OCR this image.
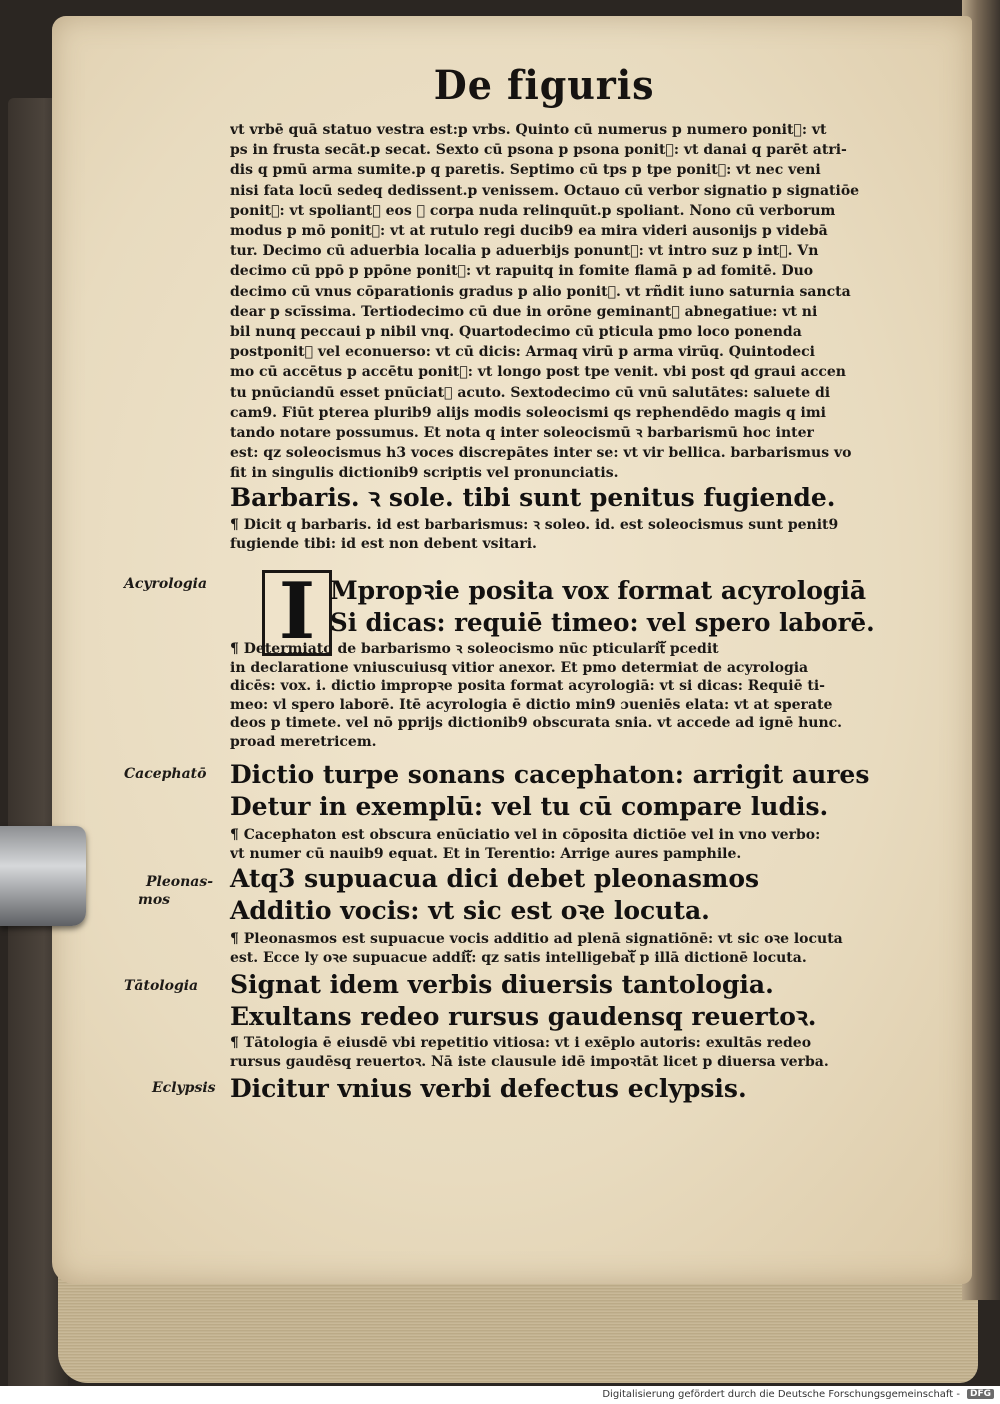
De figuris
vt vrbē quā statuo vestra est:p vrbs. Quinto cū numerus p numero ponitᷓ: vt
ps in frusta secāt.p secat. Sexto cū psona p psona ponitᷓ: vt danai q parēt atri-
dis q pmū arma sumite.p q paretis. Septimo cū tps p tpe ponitᷓ: vt nec veni
nisi fata locū sedeq dedissent.p venissem. Octauo cū verbor signatio p signatiōe
ponitᷓ: vt spoliantᷓ eos ꝛ corpa nuda relinquūt.p spoliant. Nono cū verborum
modus p mō ponitᷓ: vt at rutulo regi ducib9 ea mira videri ausonijs p videbā
tur. Decimo cū aduerbia localia p aduerbijs ponuntᷓ: vt intro suz p intᷓ. Vn
decimo cū ppō p ppōne ponitᷓ: vt rapuitq in fomite flamā p ad fomitē. Duo
decimo cū vnus cōparationis gradus p alio ponitᷓ. vt rñdit iuno saturnia sancta
dear p scīssima. Tertiodecimo cū due in orōne geminantᷓ abnegatiue: vt ni
bil nunq peccaui p nibil vnq. Quartodecimo cū pticula pmo loco ponenda
postponitᷓ vel econuerso: vt cū dicis: Armaq virū p arma virūq. Quintodeci
mo cū accētus p accētu ponitᷓ: vt longo post tpe venit. vbi post qd graui accen
tu pnūciandū esset pnūciatᷓ acuto. Sextodecimo cū vnū salutātes: saluete di
cam9. Fiūt pterea plurib9 alijs modis soleocismi qs rephendēdo magis q imi
tando notare possumus. Et nota q inter soleocismū ꝛ barbarismū hoc inter
est: qz soleocismus h3 voces discrepātes inter se: vt vir bellica. barbarismus vo
fit in singulis dictionib9 scriptis vel pronunciatis.
Barbaris. ꝛ sole. tibi sunt penitus fugiende.
¶ Dicit q barbaris. id est barbarismus: ꝛ soleo. id. est soleocismus sunt penit9
fugiende tibi: id est non debent vsitari.
Acyrologia I Mpropꝛie posita vox format acyrologiā
Si dicas: requiē timeo: vel spero laborē.
¶ Determiato de barbarismo ꝛ soleocismo nūc pticularitᷓ pcedit
in declaratione vniuscuiusq vitior anexor. Et pmo determiat de acyrologia
dicēs: vox. i. dictio impropꝛe posita format acyrologiā: vt si dicas: Requiē ti-
meo: vl spero laborē. Itē acyrologia ē dictio min9 ɔueniēs elata: vt at sperate
deos p timete. vel nō pprijs dictionib9 obscurata snia. vt accede ad ignē hunc.
proad meretricem.
Cacephatō Dictio turpe sonans cacephaton: arrigit aures
Detur in exemplū: vel tu cū compare ludis.
¶ Cacephaton est obscura enūciatio vel in cōposita dictiōe vel in vno verbo:
vt numer cū nauib9 equat. Et in Terentio: Arrige aures pamphile.
Pleonas-
mos
Atq3 supuacua dici debet pleonasmos
Additio vocis: vt sic est oꝛe locuta.
¶ Pleonasmos est supuacue vocis additio ad plenā signatiōnē: vt sic oꝛe locuta
est. Ecce ly oꝛe supuacue additᷓ: qz satis intelligebatᷓ p illā dictionē locuta.
Tātologia Signat idem verbis diuersis tantologia.
Exultans redeo rursus gaudensq reuertoꝛ.
¶ Tātologia ē eiusdē vbi repetitio vitiosa: vt i exēplo autoris: exultās redeo
rursus gaudēsq reuertoꝛ. Nā iste clausule idē impoꝛtāt licet p diuersa verba.
Eclypsis Dicitur vnius verbi defectus eclypsis.
Digitalisierung gefördert durch die Deutsche Forschungsgemeinschaft -	DFG
